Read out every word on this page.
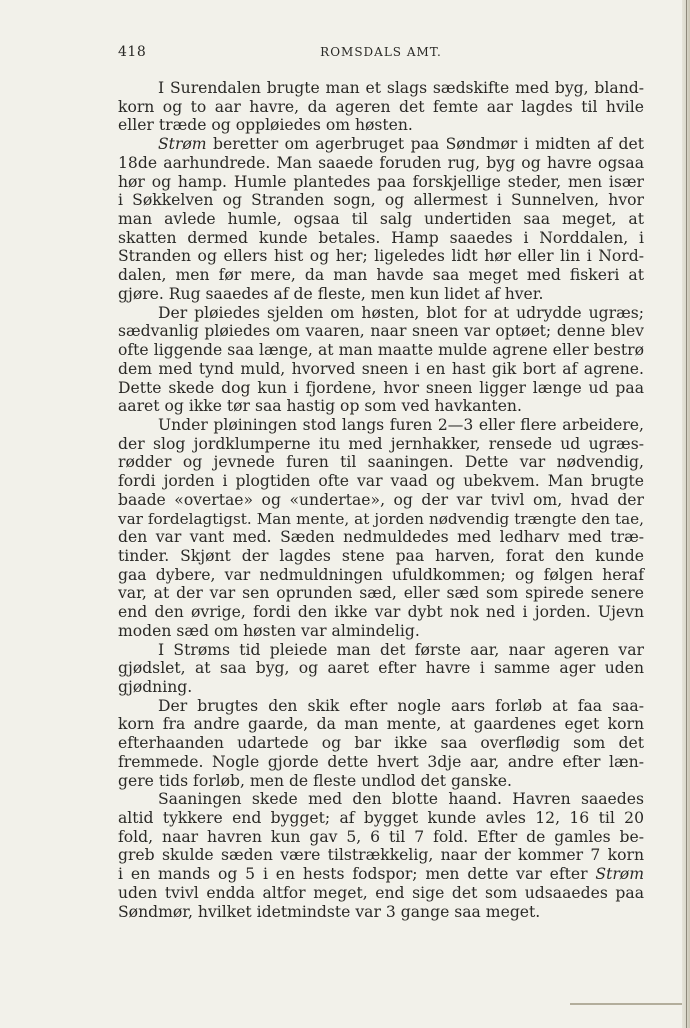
418	ROMSDALS AMT.
I Surendalen brugte man et slags sædskifte med byg, bland-
korn og to aar havre, da ageren det femte aar lagdes til hvile
eller træde og oppløiedes om høsten.
Strøm beretter om agerbruget paa Søndmør i midten af det
18de aarhundrede. Man saaede foruden rug, byg og havre ogsaa
hør og hamp. Humle plantedes paa forskjellige steder, men især
i Søkkelven og Stranden sogn, og allermest i Sunnelven, hvor
man avlede humle, ogsaa til salg undertiden saa meget, at
skatten dermed kunde betales. Hamp saaedes i Norddalen, i
Stranden og ellers hist og her; ligeledes lidt hør eller lin i Nord-
dalen, men før mere, da man havde saa meget med fiskeri at
gjøre. Rug saaedes af de fleste, men kun lidet af hver.
Der pløiedes sjelden om høsten, blot for at udrydde ugræs;
sædvanlig pløiedes om vaaren, naar sneen var optøet; denne blev
ofte liggende saa længe, at man maatte mulde agrene eller bestrø
dem med tynd muld, hvorved sneen i en hast gik bort af agrene.
Dette skede dog kun i fjordene, hvor sneen ligger længe ud paa
aaret og ikke tør saa hastig op som ved havkanten.
Under pløiningen stod langs furen 2—3 eller flere arbeidere,
der slog jordklumperne itu med jernhakker, rensede ud ugræs-
rødder og jevnede furen til saaningen. Dette var nødvendig,
fordi jorden i plogtiden ofte var vaad og ubekvem. Man brugte
baade «overtae» og «undertae», og der var tvivl om, hvad der
var fordelagtigst. Man mente, at jorden nødvendig trængte den tae,
den var vant med. Sæden nedmuldedes med ledharv med træ-
tinder. Skjønt der lagdes stene paa harven, forat den kunde
gaa dybere, var nedmuldningen ufuldkommen; og følgen heraf
var, at der var sen oprunden sæd, eller sæd som spirede senere
end den øvrige, fordi den ikke var dybt nok ned i jorden. Ujevn
moden sæd om høsten var almindelig.
I Strøms tid pleiede man det første aar, naar ageren var
gjødslet, at saa byg, og aaret efter havre i samme ager uden
gjødning.
Der brugtes den skik efter nogle aars forløb at faa saa-
korn fra andre gaarde, da man mente, at gaardenes eget korn
efterhaanden udartede og bar ikke saa overflødig som det
fremmede. Nogle gjorde dette hvert 3dje aar, andre efter læn-
gere tids forløb, men de fleste undlod det ganske.
Saaningen skede med den blotte haand. Havren saaedes
altid tykkere end bygget; af bygget kunde avles 12, 16 til 20
fold, naar havren kun gav 5, 6 til 7 fold. Efter de gamles be-
greb skulde sæden være tilstrækkelig, naar der kommer 7 korn
i en mands og 5 i en hests fodspor; men dette var efter Strøm
uden tvivl endda altfor meget, end sige det som udsaaedes paa
Søndmør, hvilket idetmindste var 3 gange saa meget.
